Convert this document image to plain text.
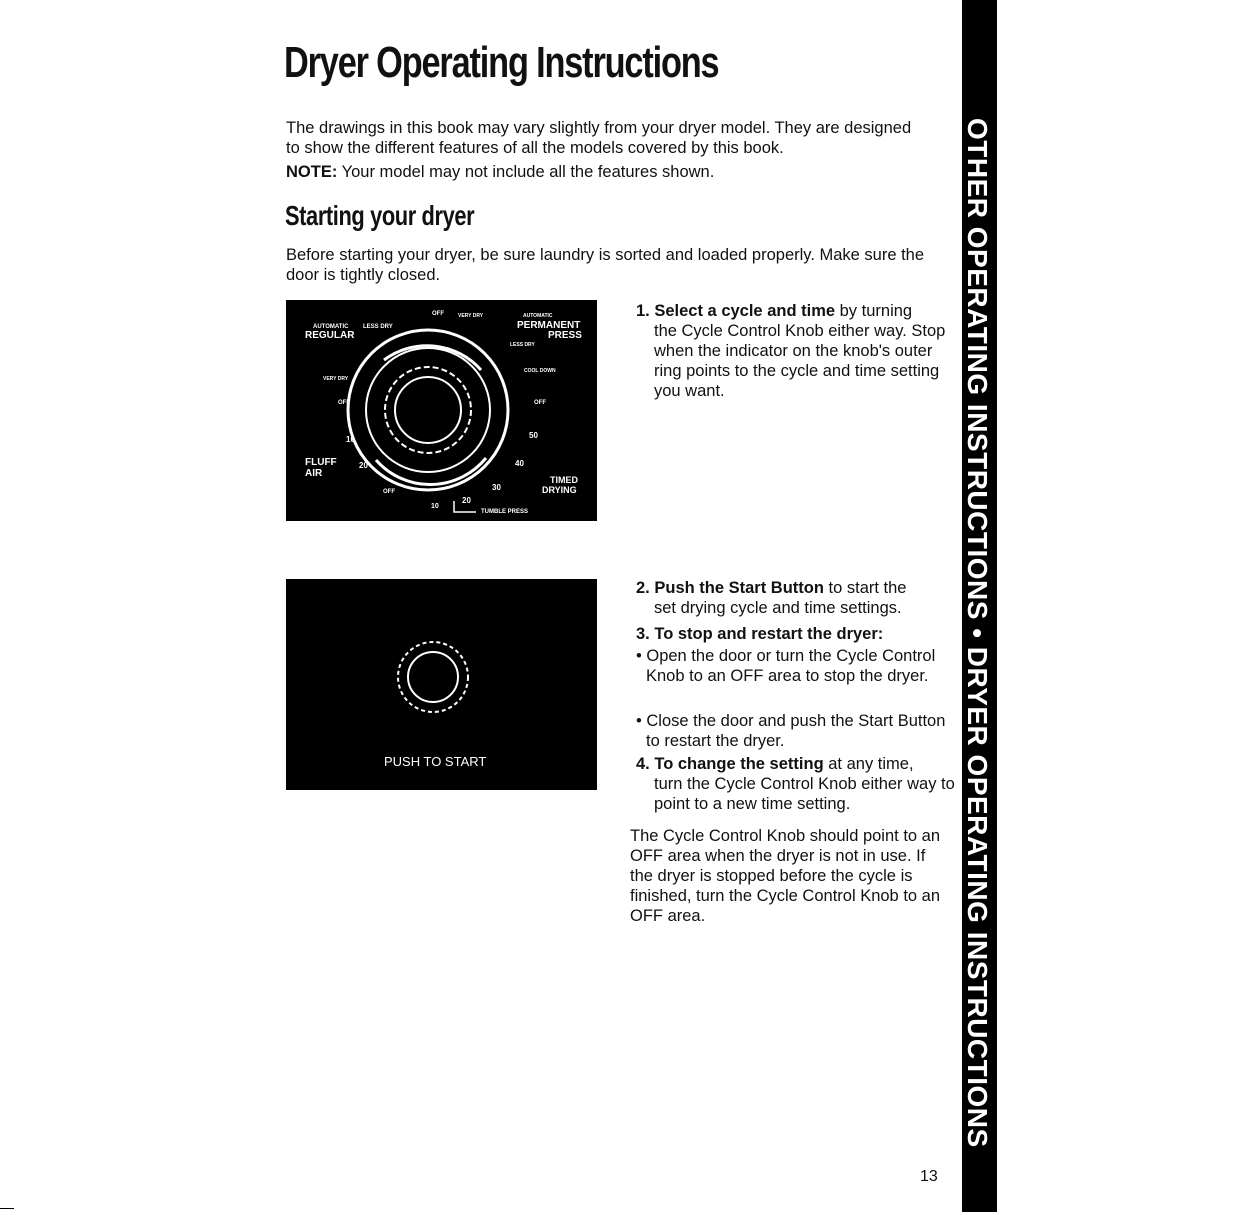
Dryer Operating Instructions
The drawings in this book may vary slightly from your dryer model. They are designed to show the different features of all the models covered by this book.
NOTE: Your model may not include all the features shown.
Starting your dryer
Before starting your dryer, be sure laundry is sorted and loaded properly. Make sure the door is tightly closed.
AUTOMATIC
REGULAR
LESS DRY
OFF	VERY DRY	AUTOMATIC
PERMANENT
PRESS
LESS DRY
VERY DRY
COOL DOWN
OFF	OFF
10	50
FLUFF
AIR
20	40
TIMED
DRYING
OFF	30
10
20
TUMBLE PRESS
PUSH TO START
1. Select a cycle and time by turning
the Cycle Control Knob either way. Stop when the indicator on the knob's outer ring points to the cycle and time setting you want.
2. Push the Start Button to start the
set drying cycle and time settings.
3. To stop and restart the dryer:
• Open the door or turn the Cycle Control Knob to an OFF area to stop the dryer.
• Close the door and push the Start Button to restart the dryer.
4. To change the setting at any time,
turn the Cycle Control Knob either way to point to a new time setting.
The Cycle Control Knob should point to an OFF area when the dryer is not in use. If the dryer is stopped before the cycle is finished, turn the Cycle Control Knob to an OFF area.
13
OTHER OPERATING INSTRUCTIONS • DRYER OPERATING INSTRUCTIONS
